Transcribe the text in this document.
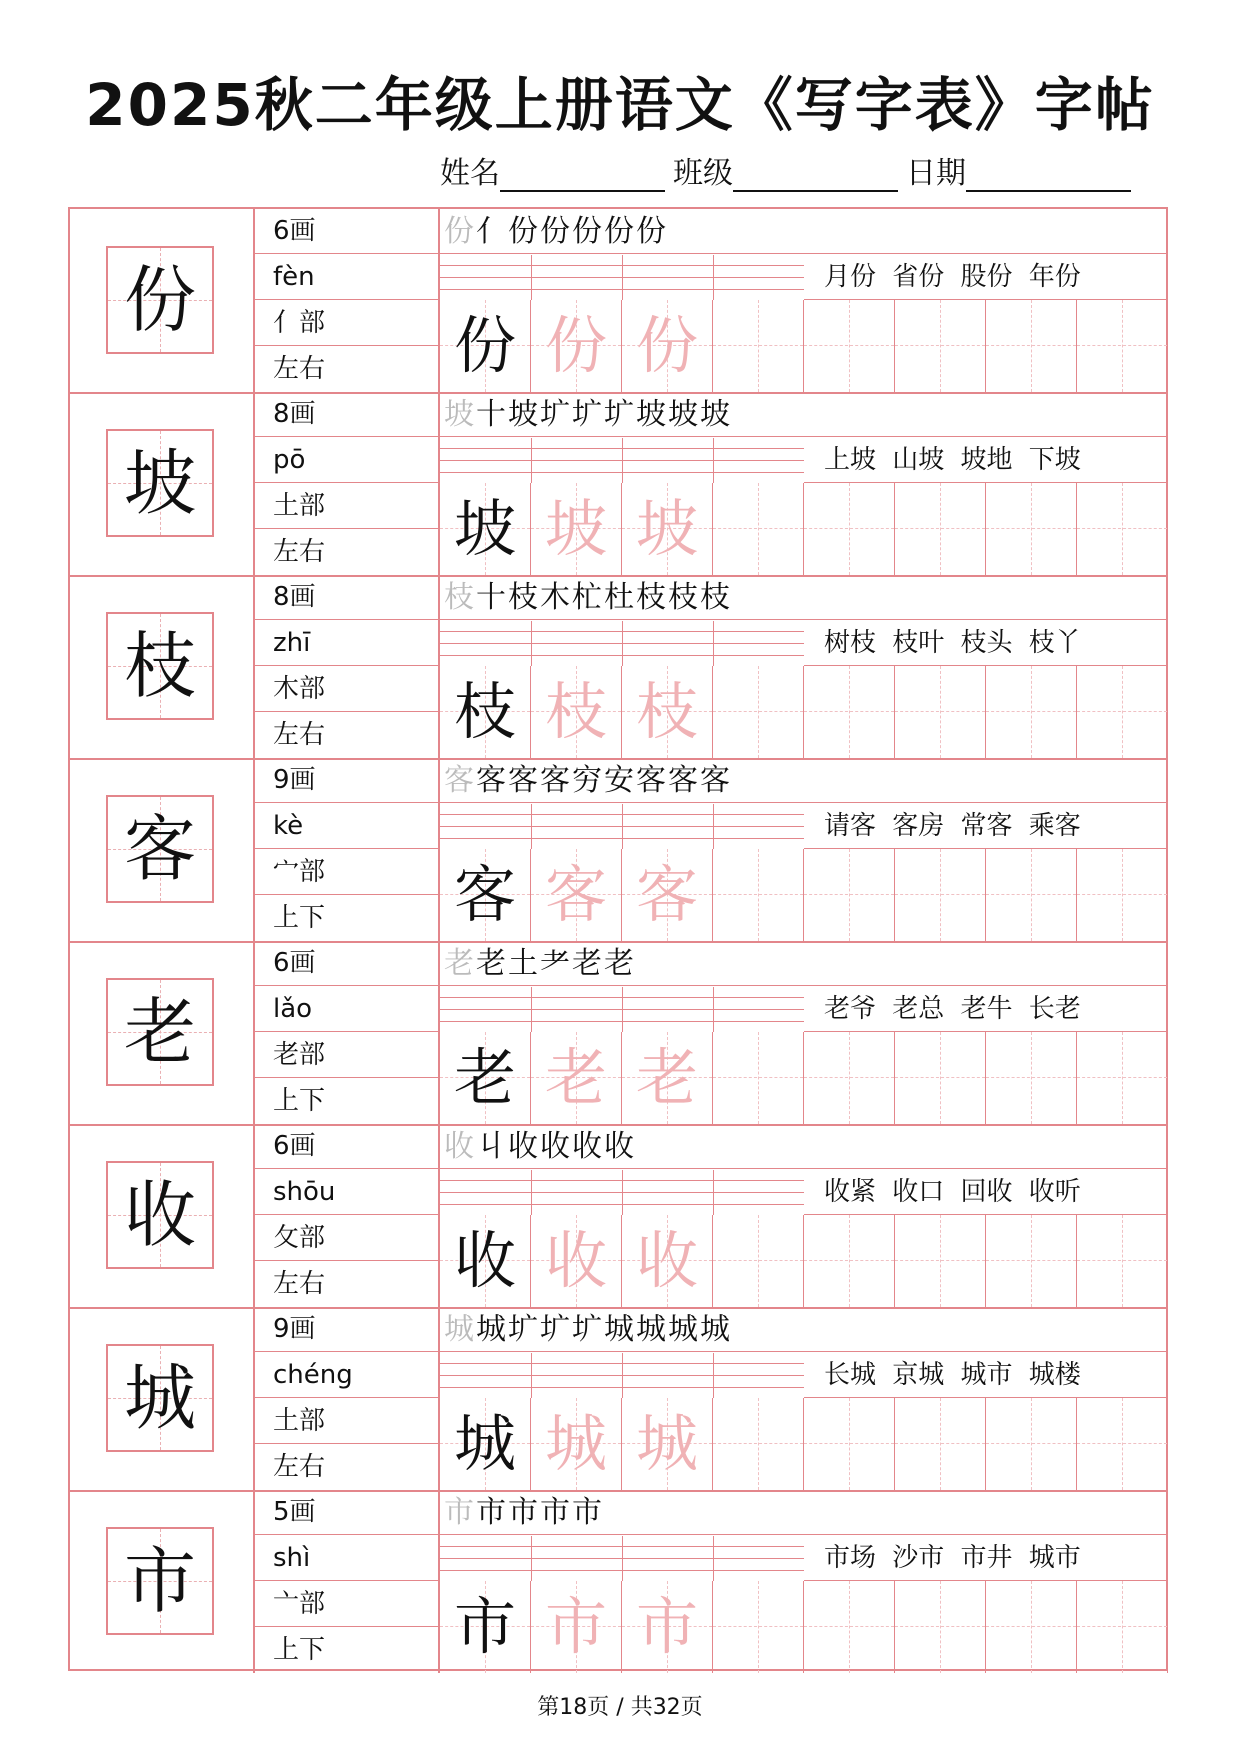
2025秋二年级上册语文《写字表》字帖
姓名	班级	日期
份
6画
fèn
亻部
左右
份亻份份份份份
月份 省份 股份 年份
份 份 份
坡
8画
pō
土部
左右
坡十坡圹圹圹坡坡坡
上坡 山坡 坡地 下坡
坡 坡 坡
枝
8画
zhī
木部
左右
枝十枝木杧杜枝枝枝
树枝 枝叶 枝头 枝丫
枝 枝 枝
客
9画
kè
宀部
上下
客客客客穷安客客客
请客 客房 常客 乘客
客 客 客
老
6画
lǎo
老部
上下
老老土耂老老
老爷 老总 老牛 长老
老 老 老
收
6画
shōu
攵部
左右
收丩收收收收
收紧 收口 回收 收听
收 收 收
城
9画
chéng
土部
左右
城城圹圹圹城城城城
长城 京城 城市 城楼
城 城 城
市
5画
shì
亠部
上下
市市市市市
市场 沙市 市井 城市
市 市 市
第18页 / 共32页
